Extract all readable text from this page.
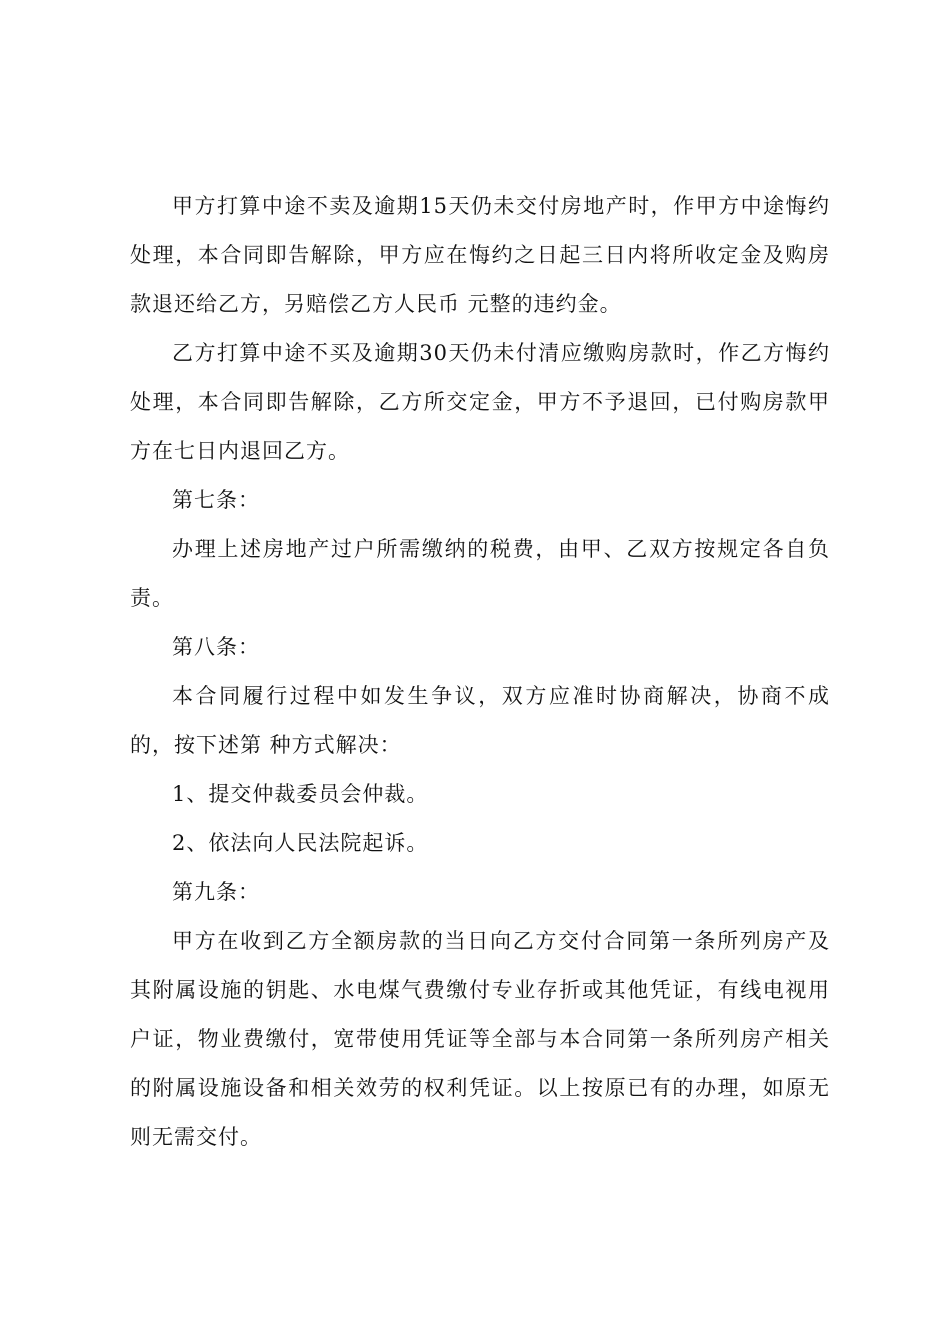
甲方打算中途不卖及逾期15天仍未交付房地产时，作甲方中途悔约处理，本合同即告解除，甲方应在悔约之日起三日内将所收定金及购房款退还给乙方，另赔偿乙方人民币 元整的违约金。

乙方打算中途不买及逾期30天仍未付清应缴购房款时，作乙方悔约处理，本合同即告解除，乙方所交定金，甲方不予退回，已付购房款甲方在七日内退回乙方。

第七条：

办理上述房地产过户所需缴纳的税费，由甲、乙双方按规定各自负责。

第八条：

本合同履行过程中如发生争议，双方应准时协商解决，协商不成的，按下述第 种方式解决：

1、提交仲裁委员会仲裁。

2、依法向人民法院起诉。

第九条：

甲方在收到乙方全额房款的当日向乙方交付合同第一条所列房产及其附属设施的钥匙、水电煤气费缴付专业存折或其他凭证，有线电视用户证，物业费缴付，宽带使用凭证等全部与本合同第一条所列房产相关的附属设施设备和相关效劳的权利凭证。以上按原已有的办理，如原无则无需交付。
